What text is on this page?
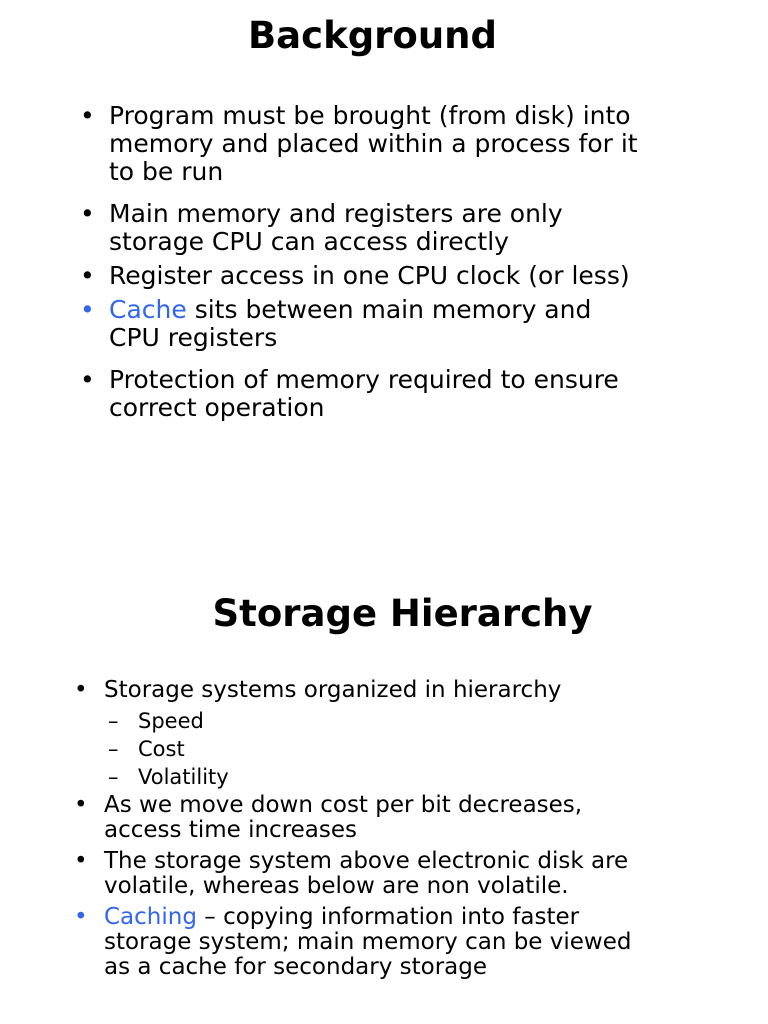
Background
• Program must be brought (from disk) into memory and placed within a process for it to be run
• Main memory and registers are only storage CPU can access directly
• Register access in one CPU clock (or less)
• Cache sits between main memory and CPU registers
• Protection of memory required to ensure correct operation
Storage Hierarchy
• Storage systems organized in hierarchy
– Speed
– Cost
– Volatility
• As we move down cost per bit decreases, access time increases
• The storage system above electronic disk are volatile, whereas below are non volatile.
• Caching – copying information into faster storage system; main memory can be viewed as a cache for secondary storage
